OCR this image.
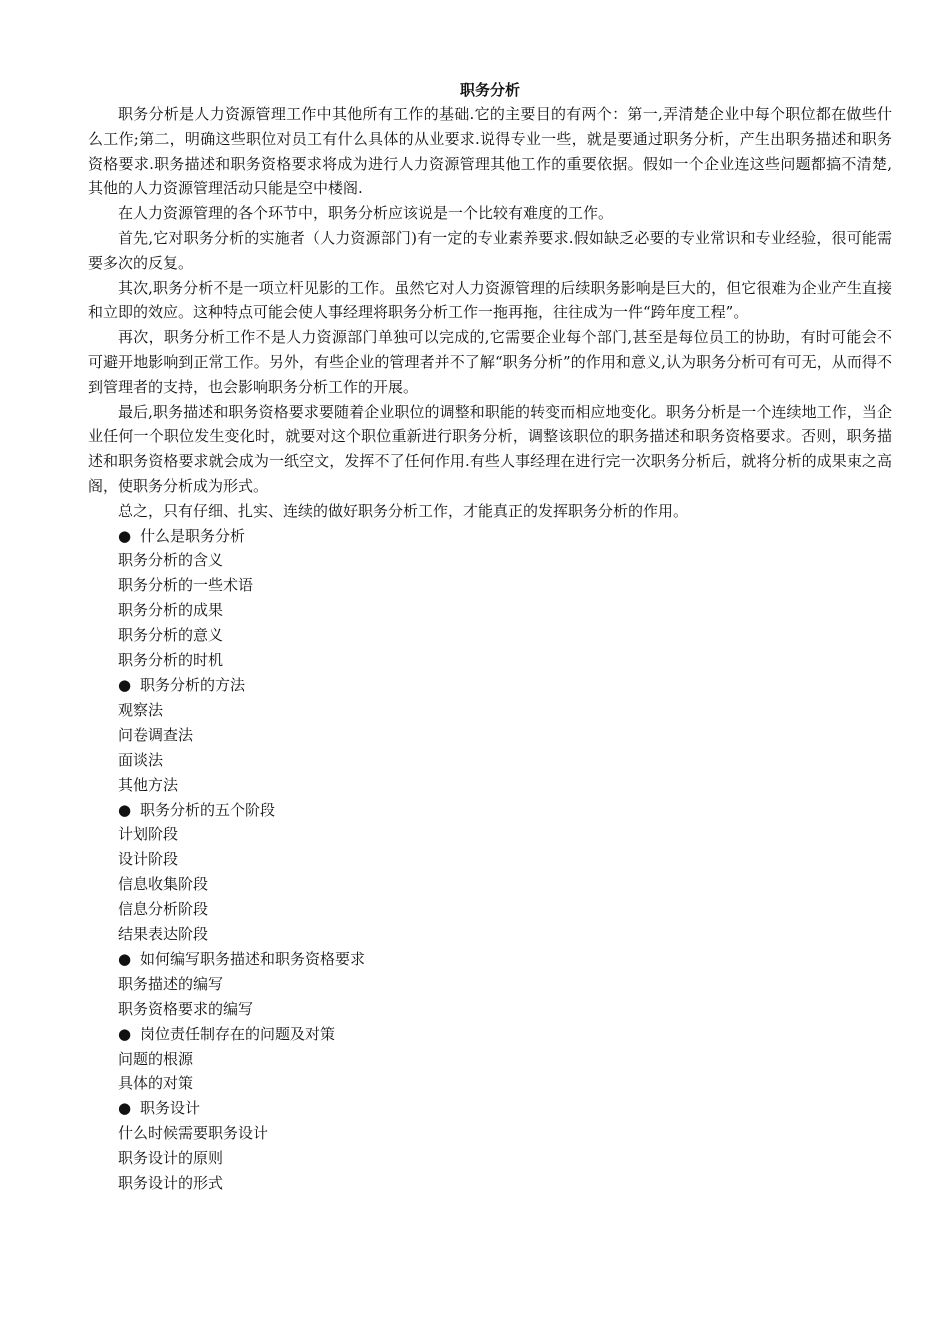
职务分析

职务分析是人力资源管理工作中其他所有工作的基础.它的主要目的有两个：第一,弄清楚企业中每个职位都在做些什么工作;第二，明确这些职位对员工有什么具体的从业要求.说得专业一些，就是要通过职务分析，产生出职务描述和职务资格要求.职务描述和职务资格要求将成为进行人力资源管理其他工作的重要依据。假如一个企业连这些问题都搞不清楚,其他的人力资源管理活动只能是空中楼阁.

在人力资源管理的各个环节中，职务分析应该说是一个比较有难度的工作。

首先,它对职务分析的实施者（人力资源部门)有一定的专业素养要求.假如缺乏必要的专业常识和专业经验，很可能需要多次的反复。

其次,职务分析不是一项立杆见影的工作。虽然它对人力资源管理的后续职务影响是巨大的，但它很难为企业产生直接和立即的效应。这种特点可能会使人事经理将职务分析工作一拖再拖，往往成为一件“跨年度工程”。

再次，职务分析工作不是人力资源部门单独可以完成的,它需要企业每个部门,甚至是每位员工的协助，有时可能会不可避开地影响到正常工作。另外，有些企业的管理者并不了解“职务分析”的作用和意义,认为职务分析可有可无，从而得不到管理者的支持，也会影响职务分析工作的开展。

最后,职务描述和职务资格要求要随着企业职位的调整和职能的转变而相应地变化。职务分析是一个连续地工作，当企业任何一个职位发生变化时，就要对这个职位重新进行职务分析，调整该职位的职务描述和职务资格要求。否则，职务描述和职务资格要求就会成为一纸空文，发挥不了任何作用.有些人事经理在进行完一次职务分析后，就将分析的成果束之高阁，使职务分析成为形式。

总之，只有仔细、扎实、连续的做好职务分析工作，才能真正的发挥职务分析的作用。

● 什么是职务分析
职务分析的含义
职务分析的一些术语
职务分析的成果
职务分析的意义
职务分析的时机
● 职务分析的方法
观察法
问卷调查法
面谈法
其他方法
● 职务分析的五个阶段
计划阶段
设计阶段
信息收集阶段
信息分析阶段
结果表达阶段
● 如何编写职务描述和职务资格要求
职务描述的编写
职务资格要求的编写
● 岗位责任制存在的问题及对策
问题的根源
具体的对策
● 职务设计
什么时候需要职务设计
职务设计的原则
职务设计的形式
